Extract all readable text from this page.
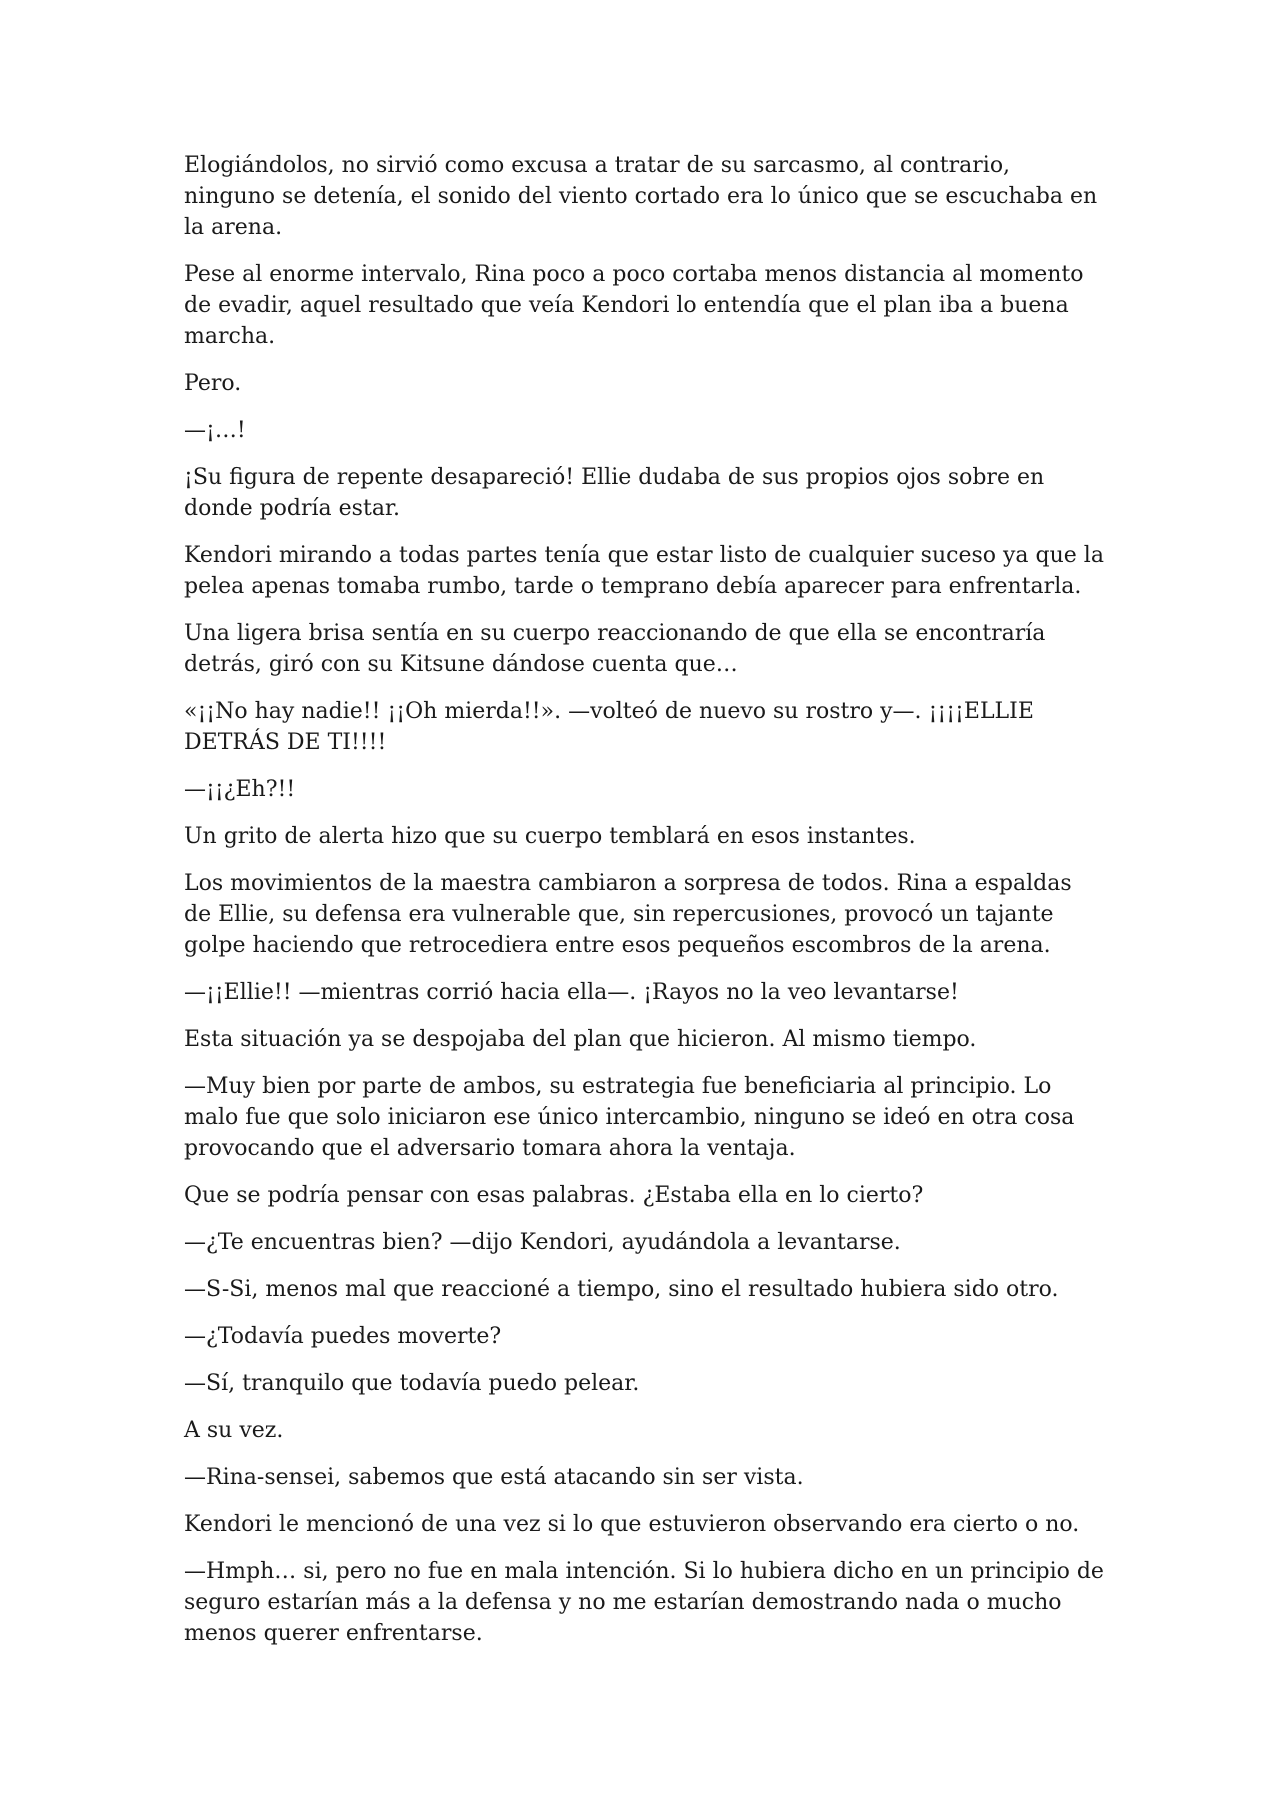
Elogiándolos, no sirvió como excusa a tratar de su sarcasmo, al contrario, ninguno se detenía, el sonido del viento cortado era lo único que se escuchaba en la arena.

Pese al enorme intervalo, Rina poco a poco cortaba menos distancia al momento de evadir, aquel resultado que veía Kendori lo entendía que el plan iba a buena marcha.

Pero.

—¡…!

¡Su figura de repente desapareció! Ellie dudaba de sus propios ojos sobre en donde podría estar.

Kendori mirando a todas partes tenía que estar listo de cualquier suceso ya que la pelea apenas tomaba rumbo, tarde o temprano debía aparecer para enfrentarla.

Una ligera brisa sentía en su cuerpo reaccionando de que ella se encontraría detrás, giró con su Kitsune dándose cuenta que…

«¡¡No hay nadie!! ¡¡Oh mierda!!». —volteó de nuevo su rostro y—. ¡¡¡¡ELLIE DETRÁS DE TI!!!!

—¡¡¿Eh?!!

Un grito de alerta hizo que su cuerpo temblará en esos instantes.

Los movimientos de la maestra cambiaron a sorpresa de todos. Rina a espaldas de Ellie, su defensa era vulnerable que, sin repercusiones, provocó un tajante golpe haciendo que retrocediera entre esos pequeños escombros de la arena.

—¡¡Ellie!! —mientras corrió hacia ella—. ¡Rayos no la veo levantarse!

Esta situación ya se despojaba del plan que hicieron. Al mismo tiempo.

—Muy bien por parte de ambos, su estrategia fue beneficiaria al principio. Lo malo fue que solo iniciaron ese único intercambio, ninguno se ideó en otra cosa provocando que el adversario tomara ahora la ventaja.

Que se podría pensar con esas palabras. ¿Estaba ella en lo cierto?

—¿Te encuentras bien? —dijo Kendori, ayudándola a levantarse.

—S-Si, menos mal que reaccioné a tiempo, sino el resultado hubiera sido otro.

—¿Todavía puedes moverte?

—Sí, tranquilo que todavía puedo pelear.

A su vez.

—Rina-sensei, sabemos que está atacando sin ser vista.

Kendori le mencionó de una vez si lo que estuvieron observando era cierto o no.

—Hmph… si, pero no fue en mala intención. Si lo hubiera dicho en un principio de seguro estarían más a la defensa y no me estarían demostrando nada o mucho menos querer enfrentarse.
